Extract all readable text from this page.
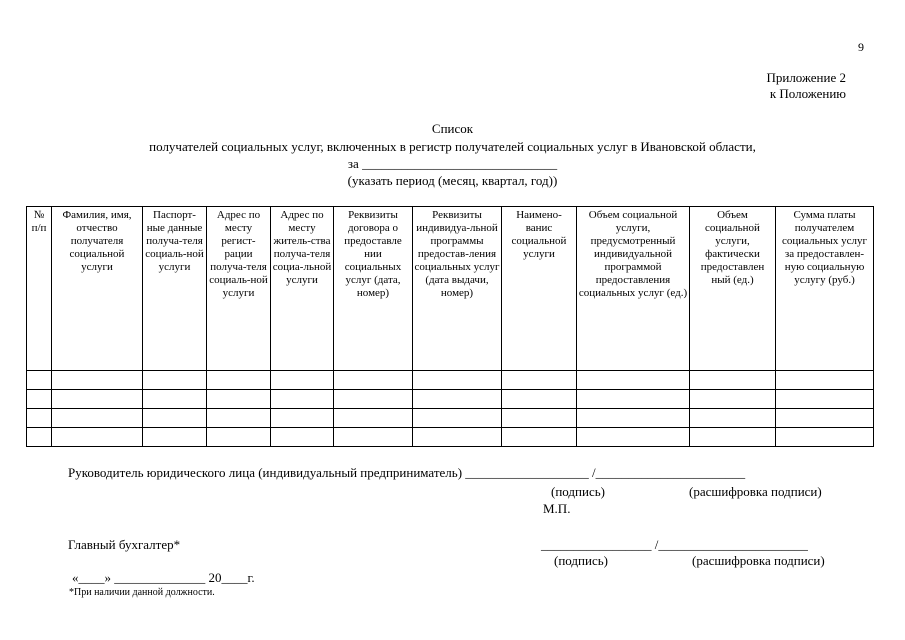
9
Приложение 2
к Положению
Список
получателей социальных услуг, включенных в регистр получателей социальных услуг в Ивановской области,
за ______________________________
(указать период (месяц, квартал, год))
№ п/п	Фамилия, имя, отчество получателя социальной услуги	Паспорт-ные данные получа-теля социаль-ной услуги	Адрес по месту регист-рации получа-теля социаль-ной услуги	Адрес по месту житель-ства получа-теля социа-льной услуги	Реквизиты договора о предоставле нии социальных услуг (дата, номер)	Реквизиты индивидуа-льной программы предостав-ления социальных услуг (дата выдачи, номер)	Наимено-ванис социальной услуги	Объем социальной услуги, предусмотренный индивидуальной программой предоставления социальных услуг (ед.)	Объем социальной услуги, фактически предоставлен ный (ед.)	Сумма платы получателем социальных услуг за предоставлен-ную социальную услугу (руб.)

Руководитель юридического лица (индивидуальный предприниматель) ___________________ /_______________________
(подпись)	(расшифровка подписи)
М.П.
Главный бухгалтер*	_________________ /_______________________
(подпись)	(расшифровка подписи)
«____» ______________ 20____г.
*При наличии данной должности.
